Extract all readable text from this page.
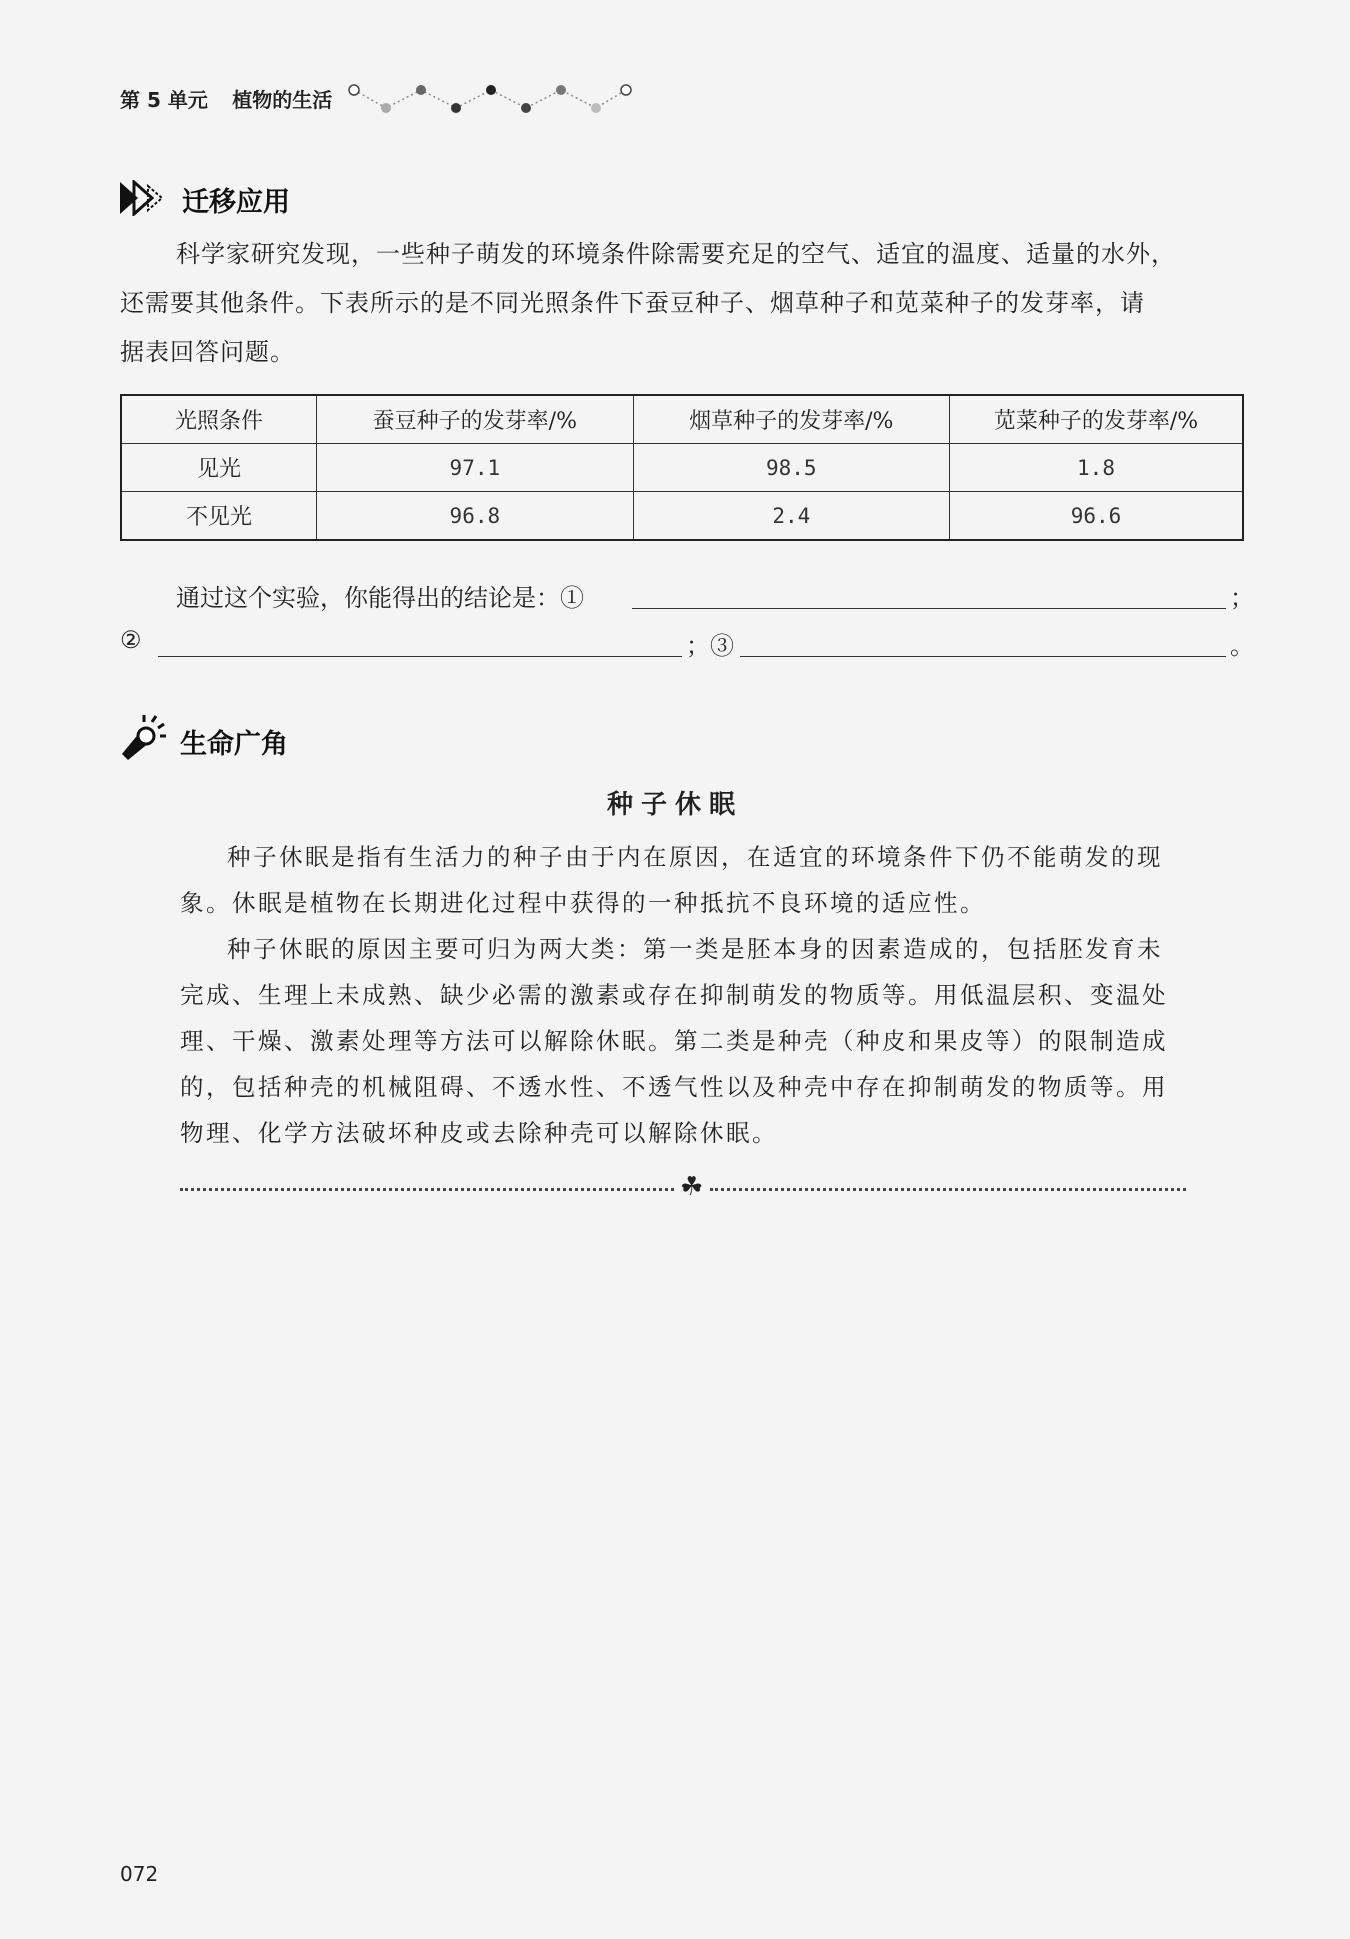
第 5 单元 植物的生活
迁移应用
科学家研究发现，一些种子萌发的环境条件除需要充足的空气、适宜的温度、适量的水外，
还需要其他条件。下表所示的是不同光照条件下蚕豆种子、烟草种子和苋菜种子的发芽率，请
据表回答问题。
光照条件	蚕豆种子的发芽率/%	烟草种子的发芽率/%	苋菜种子的发芽率/%
见光	97.1	98.5	1.8
不见光	96.8	2.4	96.6
通过这个实验，你能得出的结论是：①	；
②	；③	。
生命广角
种子休眠

种子休眠是指有生活力的种子由于内在原因，在适宜的环境条件下仍不能萌发的现象。休眠是植物在长期进化过程中获得的一种抵抗不良环境的适应性。

种子休眠的原因主要可归为两大类：第一类是胚本身的因素造成的，包括胚发育未完成、生理上未成熟、缺少必需的激素或存在抑制萌发的物质等。用低温层积、变温处理、干燥、激素处理等方法可以解除休眠。第二类是种壳（种皮和果皮等）的限制造成的，包括种壳的机械阻碍、不透水性、不透气性以及种壳中存在抑制萌发的物质等。用物理、化学方法破坏种皮或去除种壳可以解除休眠。

☘
072
